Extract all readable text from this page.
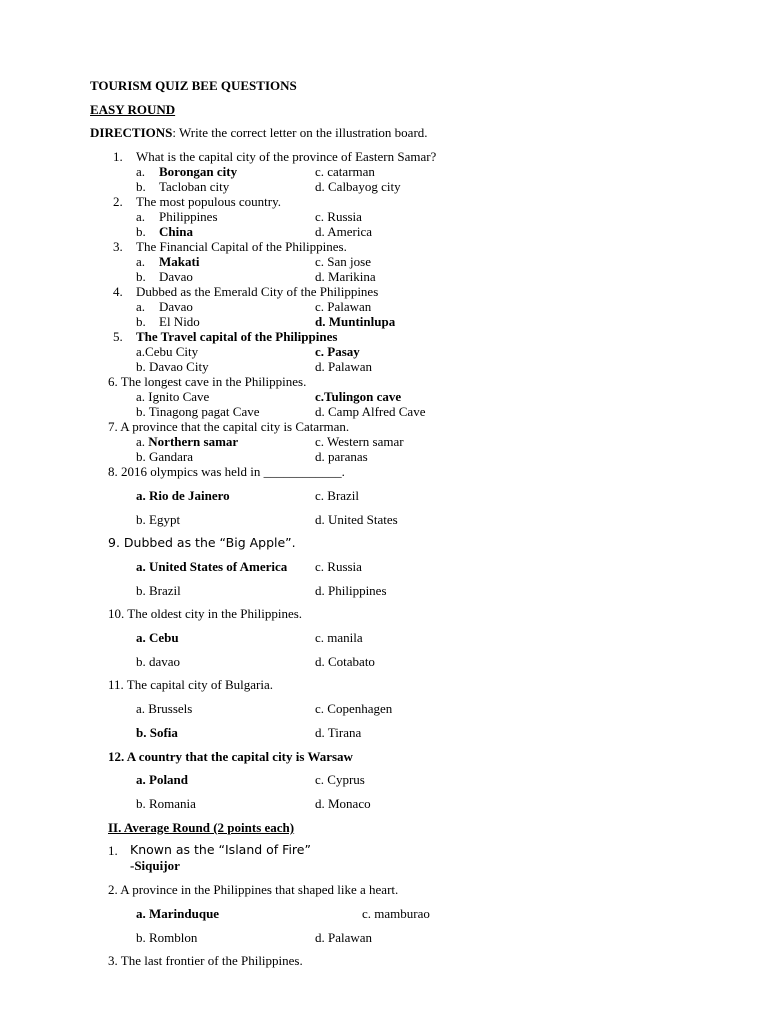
TOURISM QUIZ BEE QUESTIONS
EASY ROUND
DIRECTIONS: Write the correct letter on the illustration board.
1. What is the capital city of the province of Eastern Samar?
a. Borongan city
b. Tacloban city
c. catarman
d. Calbayog city
2. The most populous country.
a. Philippines
b. China
c. Russia
d. America
3. The Financial Capital of the Philippines.
a. Makati
b. Davao
c. San jose
d. Marikina
4. Dubbed as the Emerald City of the Philippines
a. Davao
b. El Nido
c. Palawan
d. Muntinlupa
5. The Travel capital of the Philippines
a.Cebu City
b. Davao City
c. Pasay
d. Palawan
6. The longest cave in the Philippines.
a. Ignito Cave
b. Tinagong pagat Cave
c.Tulingon cave
d. Camp Alfred Cave
7. A province that the capital city is Catarman.
a. Northern samar
b. Gandara
c. Western samar
d. paranas
8. 2016 olympics was held in ____________.
a. Rio de Jainero
b. Egypt
c. Brazil
d. United States
9. Dubbed as the “Big Apple”.
a. United States of America
b. Brazil
c. Russia
d. Philippines
10. The oldest city in the Philippines.
a. Cebu
b. davao
c. manila
d. Cotabato
11. The capital city of Bulgaria.
a. Brussels
b. Sofia
c. Copenhagen
d. Tirana
12. A country that the capital city is Warsaw
a. Poland
b. Romania
c. Cyprus
d. Monaco
II. Average Round (2 points each)
1. Known as the “Island of Fire”
-Siquijor
2. A province in the Philippines that shaped like a heart.
a. Marinduque
b. Romblon
c. mamburao
d. Palawan
3. The last frontier of the Philippines.
